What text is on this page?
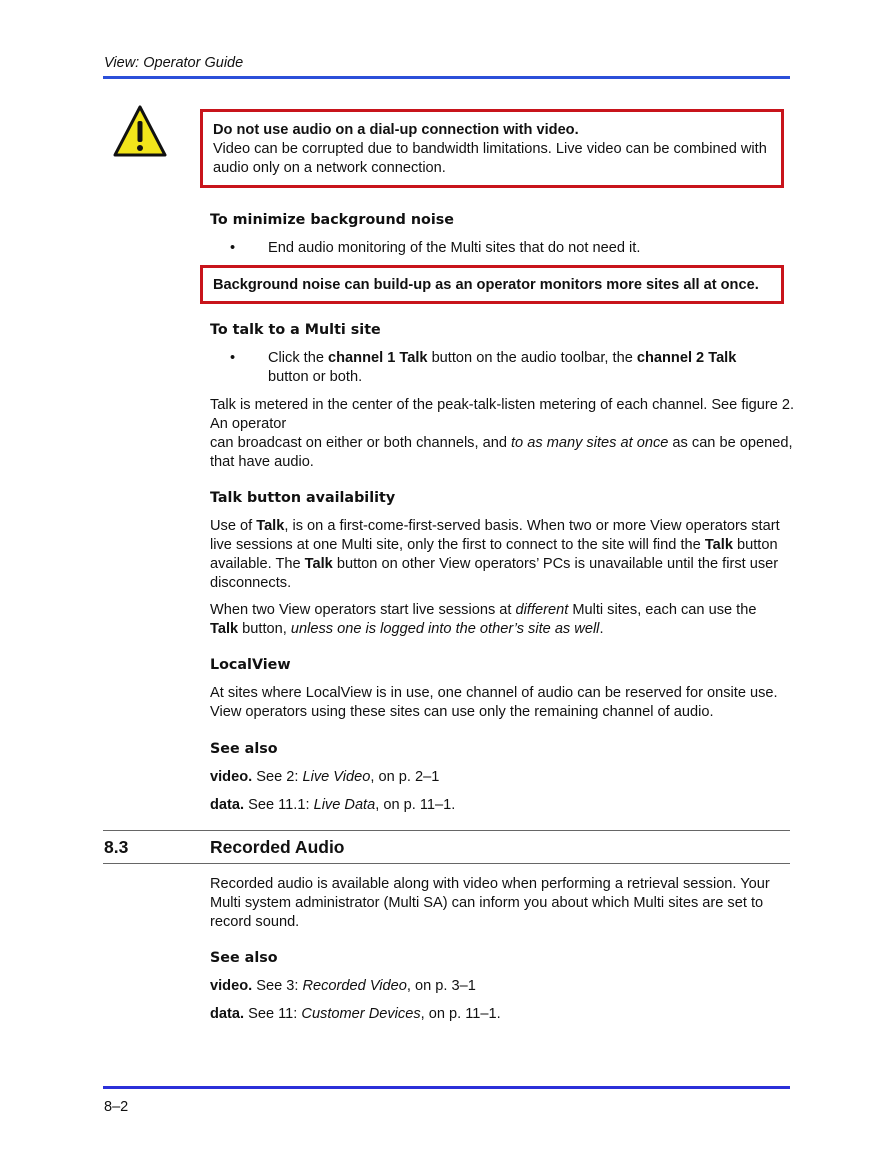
View: Operator Guide

Do not use audio on a dial-up connection with video.

Video can be corrupted due to bandwidth limitations. Live video can be combined with audio only on a network connection.

To minimize background noise
• End audio monitoring of the Multi sites that do not need it.
Background noise can build-up as an operator monitors more sites all at once.
To talk to a Multi site
• Click the channel 1 Talk button on the audio toolbar, the channel 2 Talk button or both.

Talk is metered in the center of the peak-talk-listen metering of each channel. See figure 2.

An operator

can broadcast on either or both channels, and to as many sites at once as can be opened,

that have audio.

Talk button availability
Use of Talk, is on a first-come-first-served basis. When two or more View operators start live sessions at one Multi site, only the first to connect to the site will find the Talk button available. The Talk button on other View operators’ PCs is unavailable until the first user disconnects.
When two View operators start live sessions at different Multi sites, each can use the Talk button, unless one is logged into the other’s site as well.
LocalView
At sites where LocalView is in use, one channel of audio can be reserved for onsite use. View operators using these sites can use only the remaining channel of audio.
See also
video. See 2: Live Video, on p. 2–1
data. See 11.1: Live Data, on p. 11–1.
8.3	Recorded Audio
Recorded audio is available along with video when performing a retrieval session. Your Multi system administrator (Multi SA) can inform you about which Multi sites are set to record sound.
See also
video. See 3: Recorded Video, on p. 3–1
data. See 11: Customer Devices, on p. 11–1.
8–2
